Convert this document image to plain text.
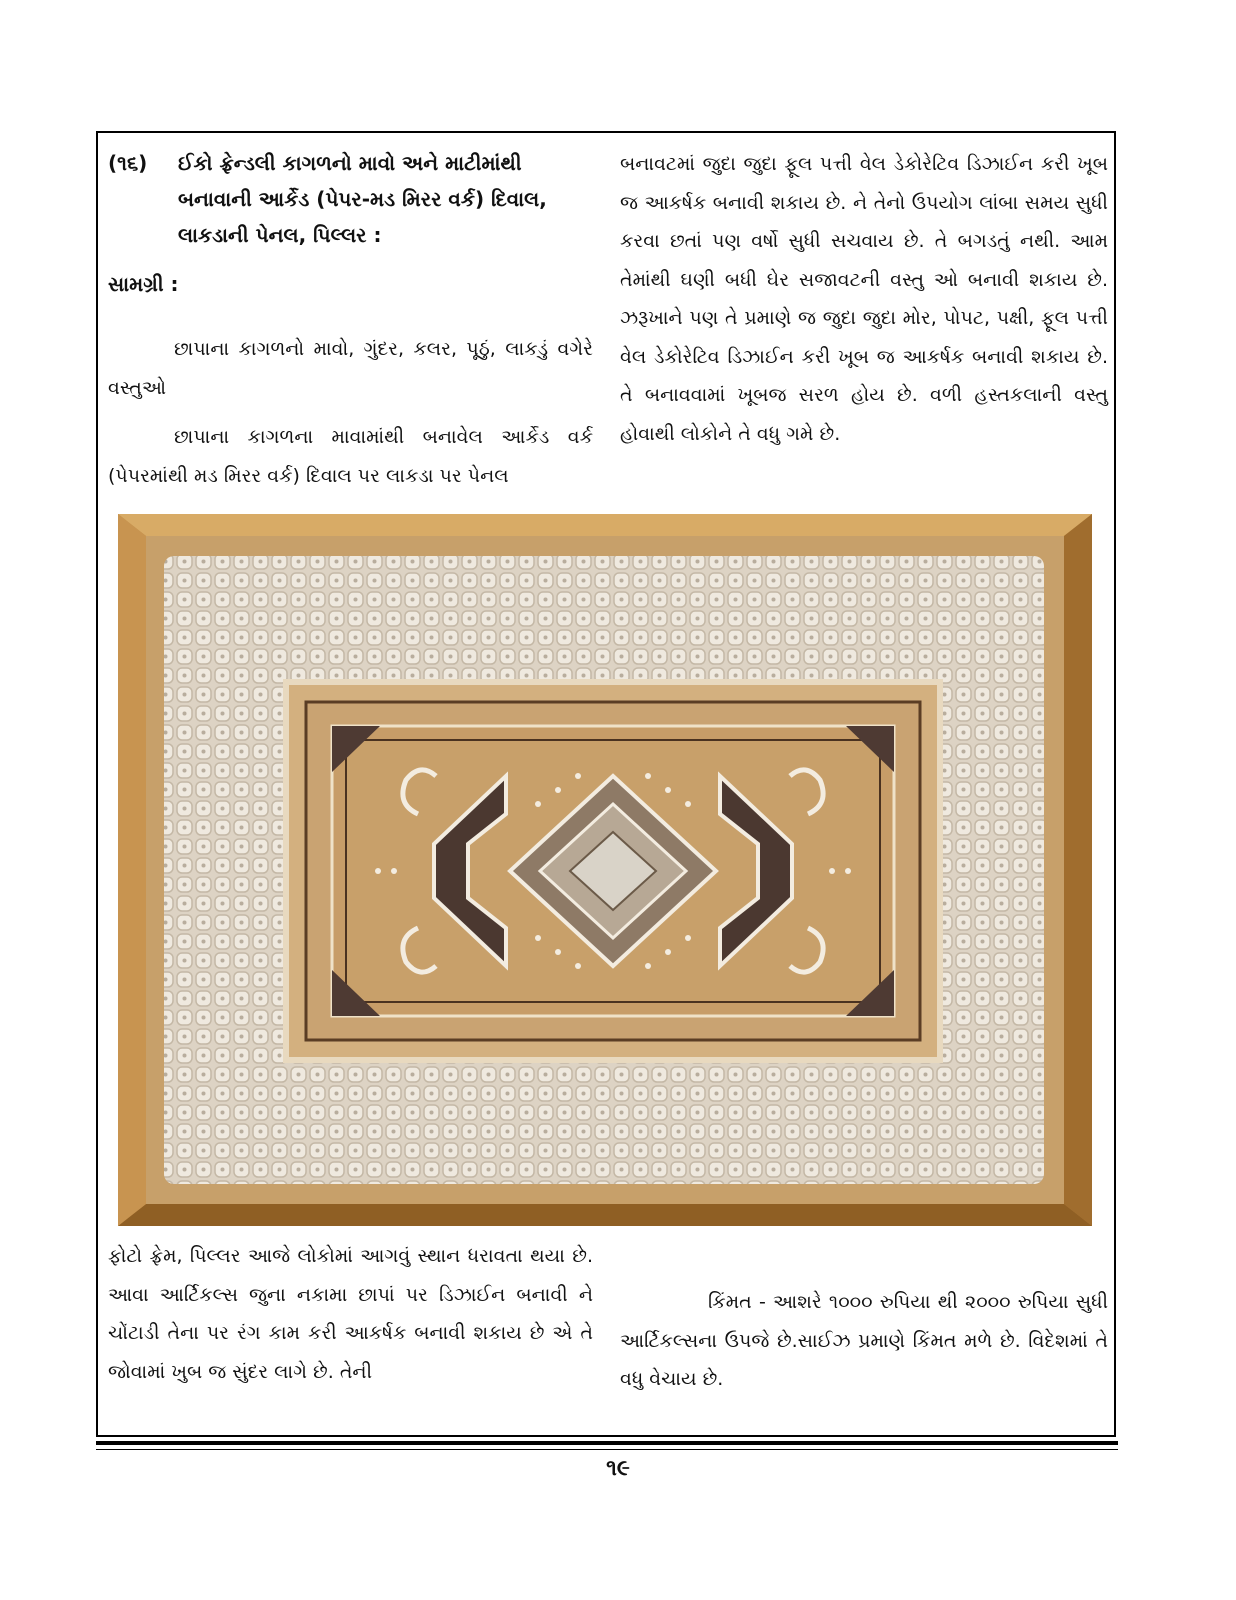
(૧૬) ઈકો ફ્રેન્ડલી કાગળનો માવો અને માટીમાંથી બનાવાની આર્કેડ (પેપર-મડ મિરર વર્ક) દિવાલ, લાકડાની પેનલ, પિલ્લર :
સામગ્રી :

છાપાના કાગળનો માવો, ગુંદર, કલર, પૂઠું, લાકડું વગેરે વસ્તુઓ

છાપાના કાગળના માવામાંથી બનાવેલ આર્કેડ વર્ક (પેપરમાંથી મડ મિરર વર્ક) દિવાલ પર લાકડા પર પેનલ

બનાવટમાં જુદા જુદા ફૂલ પત્તી વેલ ડેકોરેટિવ ડિઝાઈન કરી ખૂબ જ આકર્ષક બનાવી શકાય છે. ને તેનો ઉપયોગ લાંબા સમય સુધી કરવા છતાં પણ વર્ષો સુધી સચવાય છે. તે બગડતું નથી. આમ તેમાંથી ઘણી બધી ઘેર સજાવટની વસ્તુ ઓ બનાવી શકાય છે. ઝરૂખાને પણ તે પ્રમાણે જ જુદા જુદા મોર, પોપટ, પક્ષી, ફૂલ પત્તી વેલ ડેકોરેટિવ ડિઝાઈન કરી ખૂબ જ આકર્ષક બનાવી શકાય છે. તે બનાવવામાં ખૂબજ સરળ હોય છે. વળી હસ્તકલાની વસ્તુ હોવાથી લોકોને તે વધુ ગમે છે.

ફોટો ફ્રેમ, પિલ્લર આજે લોકોમાં આગવું સ્થાન ધરાવતા થયા છે. આવા આર્ટિકલ્સ જુના નકામા છાપાં પર ડિઝાઈન બનાવી ને ચોંટાડી તેના પર રંગ કામ કરી આકર્ષક બનાવી શકાય છે એ તે જોવામાં ખુબ જ સુંદર લાગે છે. તેની

કિંમત - આશરે ૧૦૦૦ રુપિયા થી ૨૦૦૦ રુપિયા સુધી આર્ટિકલ્સના ઉપજે છે.સાઈઝ પ્રમાણે કિંમત મળે છે. વિદેશમાં તે વધુ વેચાય છે.

૧૯
